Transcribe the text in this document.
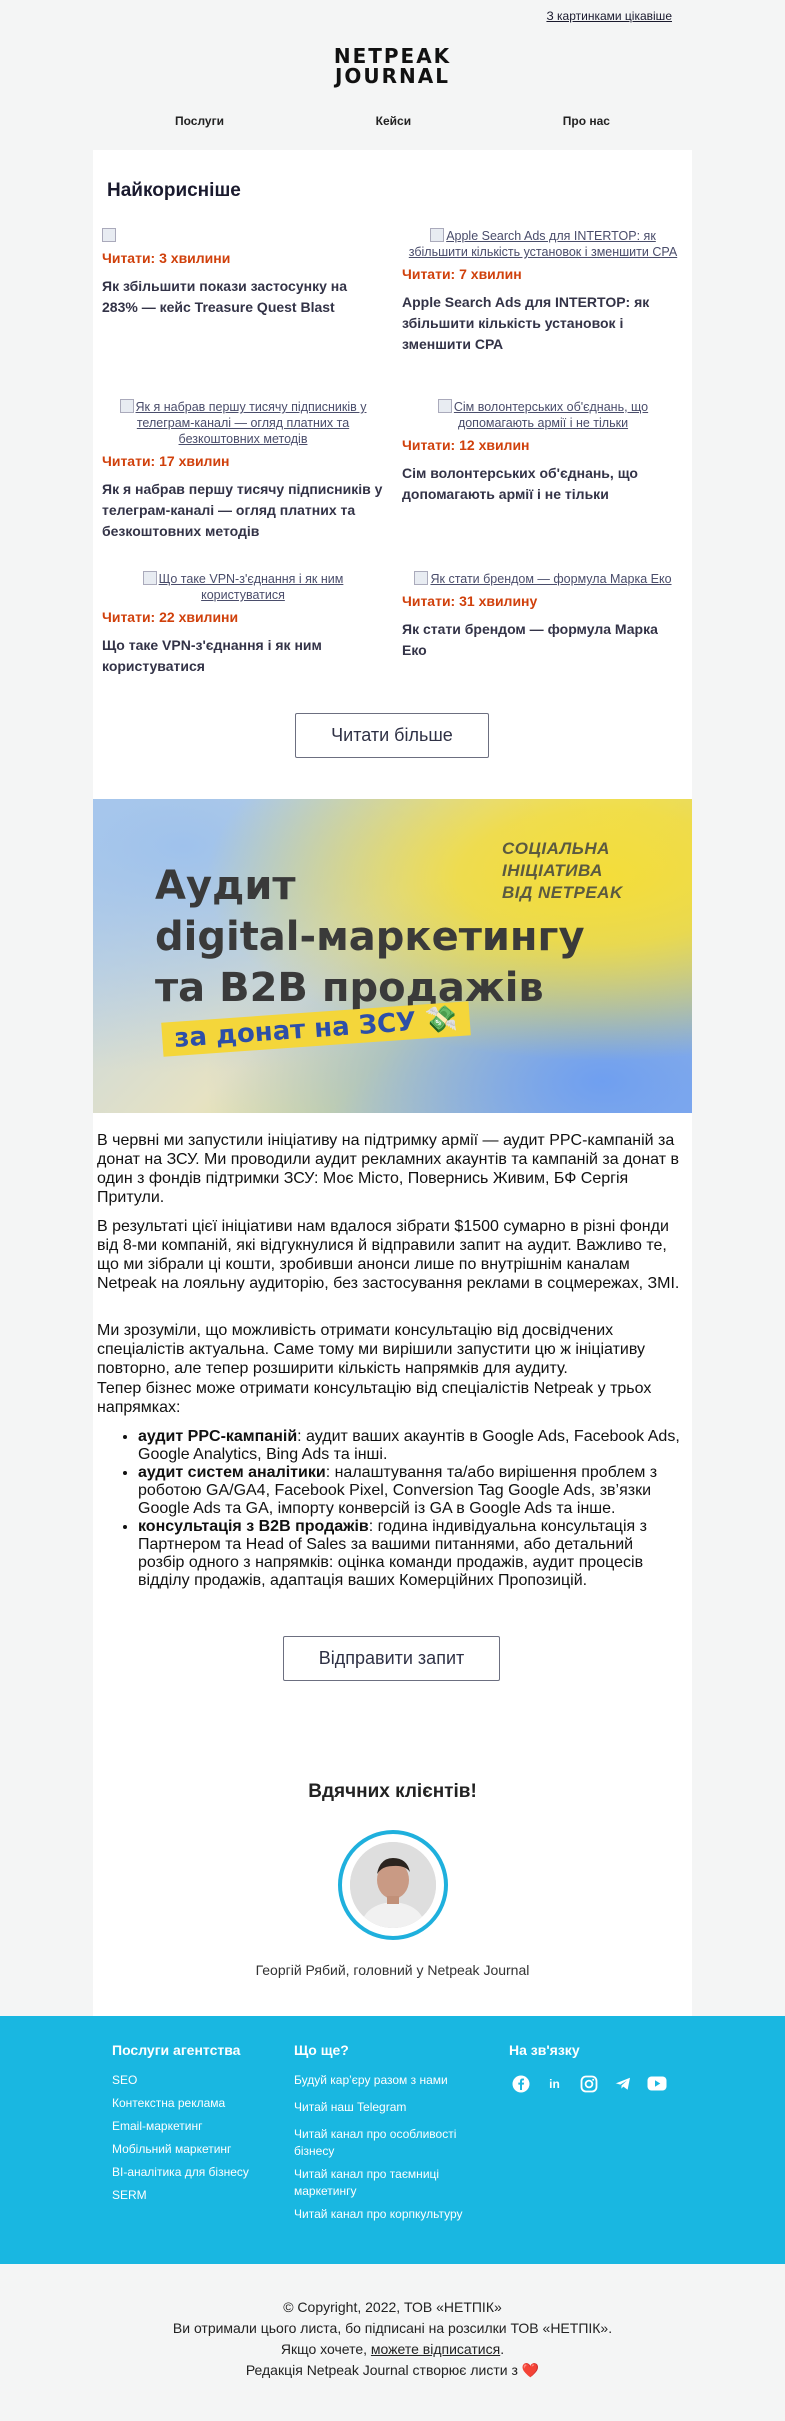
З картинками цікавіше
NETPEAK
JOURNAL
Послуги	Кейси	Про нас
Найкорисніше
Читати: 3 хвилини
Як збільшити покази застосунку на 283% — кейс Treasure Quest Blast
Apple Search Ads для INTERTOP: як збільшити кількість установок і зменшити СРА
Читати: 7 хвилин
Apple Search Ads для INTERTOP: як збільшити кількість установок і зменшити СРА
Як я набрав першу тисячу підписників у телеграм-каналі — огляд платних та безкоштовних методів
Читати: 17 хвилин
Як я набрав першу тисячу підписників у телеграм-каналі — огляд платних та безкоштовних методів
Сім волонтерських об'єднань, що допомагають армії і не тільки
Читати: 12 хвилин
Сім волонтерських об'єднань, що допомагають армії і не тільки
Що таке VPN-з'єднання і як ним користуватися
Читати: 22 хвилини
Що таке VPN-з'єднання і як ним користуватися
Як стати брендом — формула Марка Еко
Читати: 31 хвилину
Як стати брендом — формула Марка Еко
Читати більше
СОЦІАЛЬНА
ІНІЦІАТИВА
ВІД NETPEAK
Аудит
digital-маркетингу
та B2B продажів
за донат на ЗСУ 💸

В червні ми запустили ініціативу на підтримку армії — аудит PPC-кампаній за донат на ЗСУ. Ми проводили аудит рекламних акаунтів та кампаній за донат в один з фондів підтримки ЗСУ: Моє Місто, Повернись Живим, БФ Сергія Притули.

В результаті цієї ініціативи нам вдалося зібрати $1500 сумарно в різні фонди від 8-ми компаній, які відгукнулися й відправили запит на аудит. Важливо те, що ми зібрали ці кошти, зробивши анонси лише по внутрішнім каналам Netpeak на лояльну аудиторію, без застосування реклами в соцмережах, ЗМІ.

Ми зрозуміли, що можливість отримати консультацію від досвідчених спеціалістів актуальна. Саме тому ми вирішили запустити цю ж ініціативу повторно, але тепер розширити кількість напрямків для аудиту.

Тепер бізнес може отримати консультацію від спеціалістів Netpeak у трьох напрямках:

• аудит PPC-кампаній: аудит ваших акаунтів в Google Ads, Facebook Ads, Google Analytics, Bing Ads та інші.
• аудит систем аналітики: налаштування та/або вирішення проблем з роботою GA/GA4, Facebook Pixel, Conversion Tag Google Ads, зв’язки Google Ads та GA, імпорту конверсій із GA в Google Ads та інше.
• консультація з B2B продажів: година індивідуальна консультація з Партнером та Head of Sales за вашими питаннями, або детальний розбір одного з напрямків: оцінка команди продажів, аудит процесів відділу продажів, адаптація ваших Комерційних Пропозицій.
Відправити запит
Вдячних клієнтів!
Георгій Рябий, головний у Netpeak Journal
Послуги агентства
SEO
Контекстна реклама
Email-маркетинг
Мобільний маркетинг
BI-аналітика для бізнесу
SERM
Що ще?
Будуй кар’єру разом з нами
Читай наш Telegram
Читай канал про особливості бізнесу
Читай канал про таємниці маркетингу
Читай канал про корпкультуру
На зв'язку
in
© Copyright, 2022, ТОВ «НЕТПІК»
Ви отримали цього листа, бо підписані на розсилки ТОВ «НЕТПІК».
Якщо хочете, можете відписатися.
Редакція Netpeak Journal створює листи з ❤️
